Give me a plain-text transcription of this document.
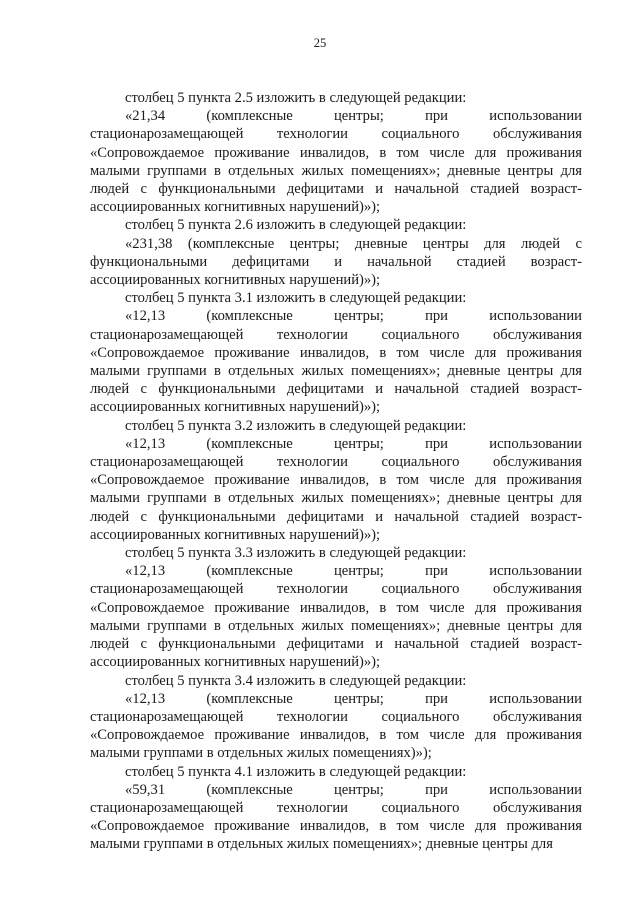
25

столбец 5 пункта 2.5 изложить в следующей редакции:

«21,34 (комплексные центры; при использовании стационарозамещающей технологии социального обслуживания «Сопровождаемое проживание инвалидов, в том числе для проживания малыми группами в отдельных жилых помещениях»; дневные центры для людей с функциональными дефицитами и начальной стадией возраст-ассоциированных когнитивных нарушений)»);

столбец 5 пункта 2.6 изложить в следующей редакции:

«231,38 (комплексные центры; дневные центры для людей с функциональными дефицитами и начальной стадией возраст-ассоциированных когнитивных нарушений)»);

столбец 5 пункта 3.1 изложить в следующей редакции:

«12,13 (комплексные центры; при использовании стационарозамещающей технологии социального обслуживания «Сопровождаемое проживание инвалидов, в том числе для проживания малыми группами в отдельных жилых помещениях»; дневные центры для людей с функциональными дефицитами и начальной стадией возраст-ассоциированных когнитивных нарушений)»);

столбец 5 пункта 3.2 изложить в следующей редакции:

«12,13 (комплексные центры; при использовании стационарозамещающей технологии социального обслуживания «Сопровождаемое проживание инвалидов, в том числе для проживания малыми группами в отдельных жилых помещениях»; дневные центры для людей с функциональными дефицитами и начальной стадией возраст-ассоциированных когнитивных нарушений)»);

столбец 5 пункта 3.3 изложить в следующей редакции:

«12,13 (комплексные центры; при использовании стационарозамещающей технологии социального обслуживания «Сопровождаемое проживание инвалидов, в том числе для проживания малыми группами в отдельных жилых помещениях»; дневные центры для людей с функциональными дефицитами и начальной стадией возраст-ассоциированных когнитивных нарушений)»);

столбец 5 пункта 3.4 изложить в следующей редакции:

«12,13 (комплексные центры; при использовании стационарозамещающей технологии социального обслуживания «Сопровождаемое проживание инвалидов, в том числе для проживания малыми группами в отдельных жилых помещениях)»);

столбец 5 пункта 4.1 изложить в следующей редакции:

«59,31 (комплексные центры; при использовании стационарозамещающей технологии социального обслуживания «Сопровождаемое проживание инвалидов, в том числе для проживания малыми группами в отдельных жилых помещениях»; дневные центры для
